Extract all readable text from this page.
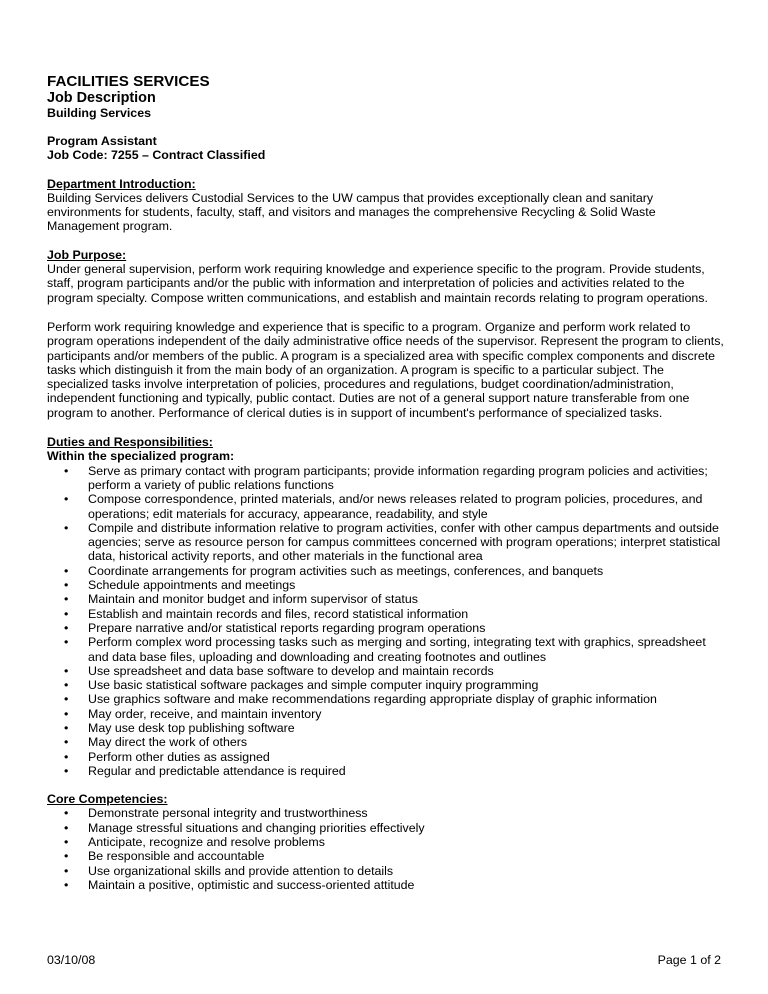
FACILITIES SERVICES
Job Description
Building Services
Program Assistant
Job Code: 7255 – Contract Classified
Department Introduction:

Building Services delivers Custodial Services to the UW campus that provides exceptionally clean and sanitary environments for students, faculty, staff, and visitors and manages the comprehensive Recycling & Solid Waste Management program.

Job Purpose:

Under general supervision, perform work requiring knowledge and experience specific to the program. Provide students, staff, program participants and/or the public with information and interpretation of policies and activities related to the program specialty. Compose written communications, and establish and maintain records relating to program operations.

Perform work requiring knowledge and experience that is specific to a program. Organize and perform work related to program operations independent of the daily administrative office needs of the supervisor. Represent the program to clients, participants and/or members of the public. A program is a specialized area with specific complex components and discrete tasks which distinguish it from the main body of an organization. A program is specific to a particular subject. The specialized tasks involve interpretation of policies, procedures and regulations, budget coordination/administration, independent functioning and typically, public contact. Duties are not of a general support nature transferable from one program to another. Performance of clerical duties is in support of incumbent's performance of specialized tasks.

Duties and Responsibilities:
Within the specialized program:
• Serve as primary contact with program participants; provide information regarding program policies and activities; perform a variety of public relations functions
• Compose correspondence, printed materials, and/or news releases related to program policies, procedures, and operations; edit materials for accuracy, appearance, readability, and style
• Compile and distribute information relative to program activities, confer with other campus departments and outside agencies; serve as resource person for campus committees concerned with program operations; interpret statistical data, historical activity reports, and other materials in the functional area
• Coordinate arrangements for program activities such as meetings, conferences, and banquets
• Schedule appointments and meetings
• Maintain and monitor budget and inform supervisor of status
• Establish and maintain records and files, record statistical information
• Prepare narrative and/or statistical reports regarding program operations
• Perform complex word processing tasks such as merging and sorting, integrating text with graphics, spreadsheet and data base files, uploading and downloading and creating footnotes and outlines
• Use spreadsheet and data base software to develop and maintain records
• Use basic statistical software packages and simple computer inquiry programming
• Use graphics software and make recommendations regarding appropriate display of graphic information
• May order, receive, and maintain inventory
• May use desk top publishing software
• May direct the work of others
• Perform other duties as assigned
• Regular and predictable attendance is required
Core Competencies:
• Demonstrate personal integrity and trustworthiness
• Manage stressful situations and changing priorities effectively
• Anticipate, recognize and resolve problems
• Be responsible and accountable
• Use organizational skills and provide attention to details
• Maintain a positive, optimistic and success-oriented attitude
03/10/08	Page 1 of 2
